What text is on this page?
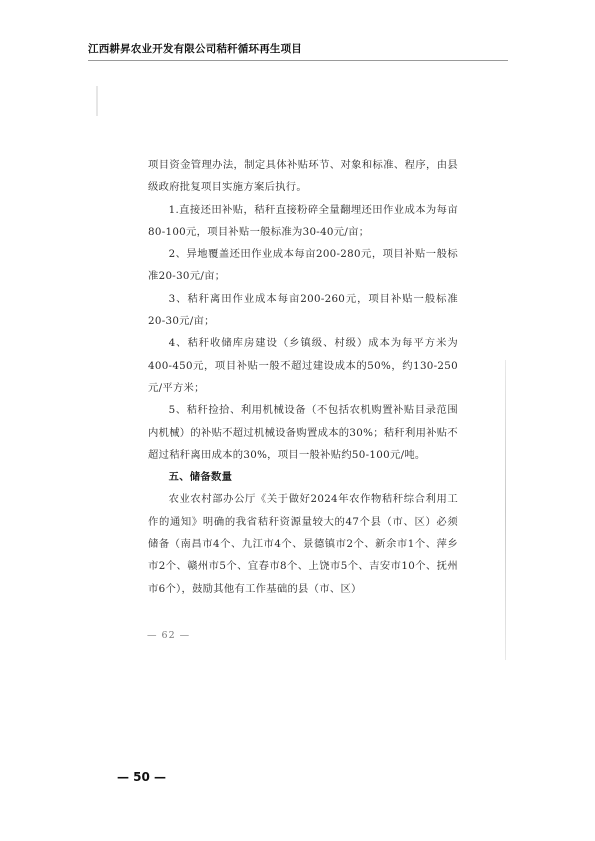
江西耕昇农业开发有限公司秸秆循环再生项目

项目资金管理办法，制定具体补贴环节、对象和标准、程序，由县级政府批复项目实施方案后执行。

1.直接还田补贴，秸秆直接粉碎全量翻埋还田作业成本为每亩80-100元，项目补贴一般标准为30-40元/亩；

2、异地覆盖还田作业成本每亩200-280元，项目补贴一般标准20-30元/亩；

3、秸秆离田作业成本每亩200-260元，项目补贴一般标准20-30元/亩；

4、秸秆收储库房建设（乡镇级、村级）成本为每平方米为400-450元，项目补贴一般不超过建设成本的50%，约130-250元/平方米；

5、秸秆捡拾、利用机械设备（不包括农机购置补贴目录范围内机械）的补贴不超过机械设备购置成本的30%；秸秆利用补贴不超过秸秆离田成本的30%，项目一般补贴约50-100元/吨。

五、储备数量

农业农村部办公厅《关于做好2024年农作物秸秆综合利用工作的通知》明确的我省秸秆资源量较大的47个县（市、区）必须储备（南昌市4个、九江市4个、景德镇市2个、新余市1个、萍乡市2个、赣州市5个、宜春市8个、上饶市5个、吉安市10个、抚州市6个），鼓励其他有工作基础的县（市、区）

— 62 —
— 50 —
